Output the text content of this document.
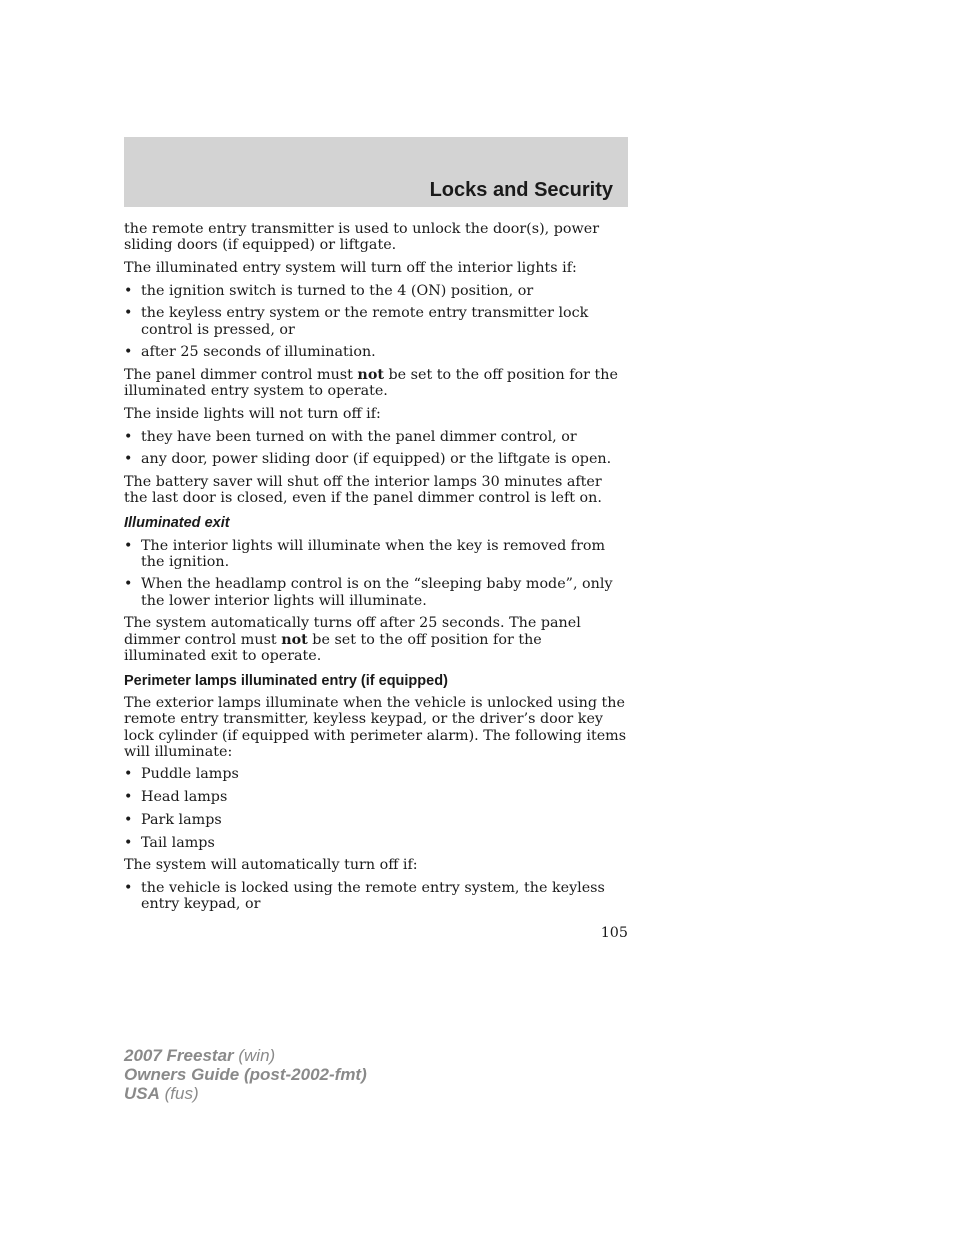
Locks and Security

the remote entry transmitter is used to unlock the door(s), power sliding doors (if equipped) or liftgate.

The illuminated entry system will turn off the interior lights if:

• the ignition switch is turned to the 4 (ON) position, or
• the keyless entry system or the remote entry transmitter lock control is pressed, or
• after 25 seconds of illumination.

The panel dimmer control must not be set to the off position for the illuminated entry system to operate.

The inside lights will not turn off if:

• they have been turned on with the panel dimmer control, or
• any door, power sliding door (if equipped) or the liftgate is open.

The battery saver will shut off the interior lamps 30 minutes after the last door is closed, even if the panel dimmer control is left on.

Illuminated exit
• The interior lights will illuminate when the key is removed from the ignition.
• When the headlamp control is on the “sleeping baby mode”, only the lower interior lights will illuminate.

The system automatically turns off after 25 seconds. The panel dimmer control must not be set to the off position for the illuminated exit to operate.

Perimeter lamps illuminated entry (if equipped)

The exterior lamps illuminate when the vehicle is unlocked using the remote entry transmitter, keyless keypad, or the driver’s door key lock cylinder (if equipped with perimeter alarm). The following items will illuminate:

• Puddle lamps
• Head lamps
• Park lamps
• Tail lamps

The system will automatically turn off if:

• the vehicle is locked using the remote entry system, the keyless entry keypad, or
105
2007 Freestar (win)
Owners Guide (post-2002-fmt)
USA (fus)
